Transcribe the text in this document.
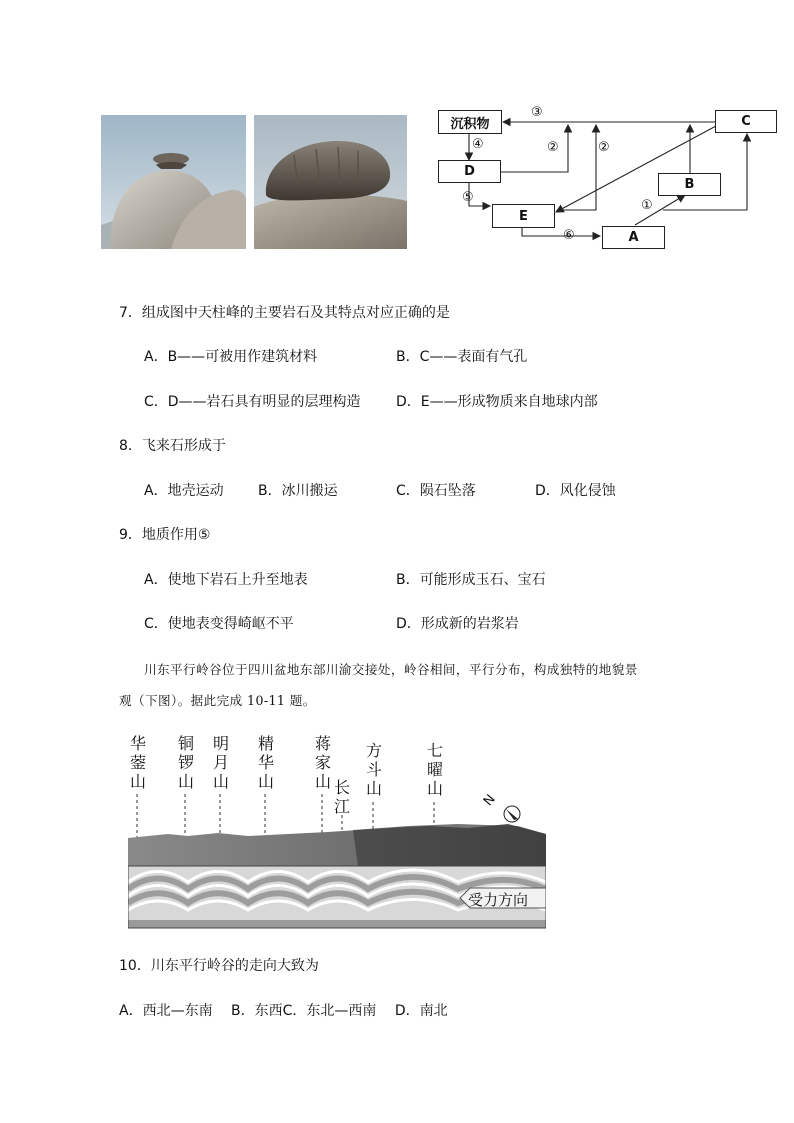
沉积物	C
D
B
E
A
③
④	②	②
⑤
①
⑥
7．组成图中天柱峰的主要岩石及其特点对应正确的是
A．B——可被用作建筑材料	B．C——表面有气孔
C．D——岩石具有明显的层理构造	D．E——形成物质来自地球内部
8．飞来石形成于
A．地壳运动 B．冰川搬运	C．陨石坠落	D．风化侵蚀
9．地质作用⑤
A．使地下岩石上升至地表	B．可能形成玉石、宝石
C．使地表变得崎岖不平	D．形成新的岩浆岩
川东平行岭谷位于四川盆地东部川渝交接处，岭谷相间，平行分布，构成独特的地貌景
观（下图）。据此完成 10-11 题。
华
蓥
山
铜
锣
山
明
月
山
精
华
山
蒋
家
山 长
江
方
斗
山
七
曜
山
N
受力方向
10．川东平行岭谷的走向大致为
A．西北—东南　 B．东西C．东北—西南　 D．南北
